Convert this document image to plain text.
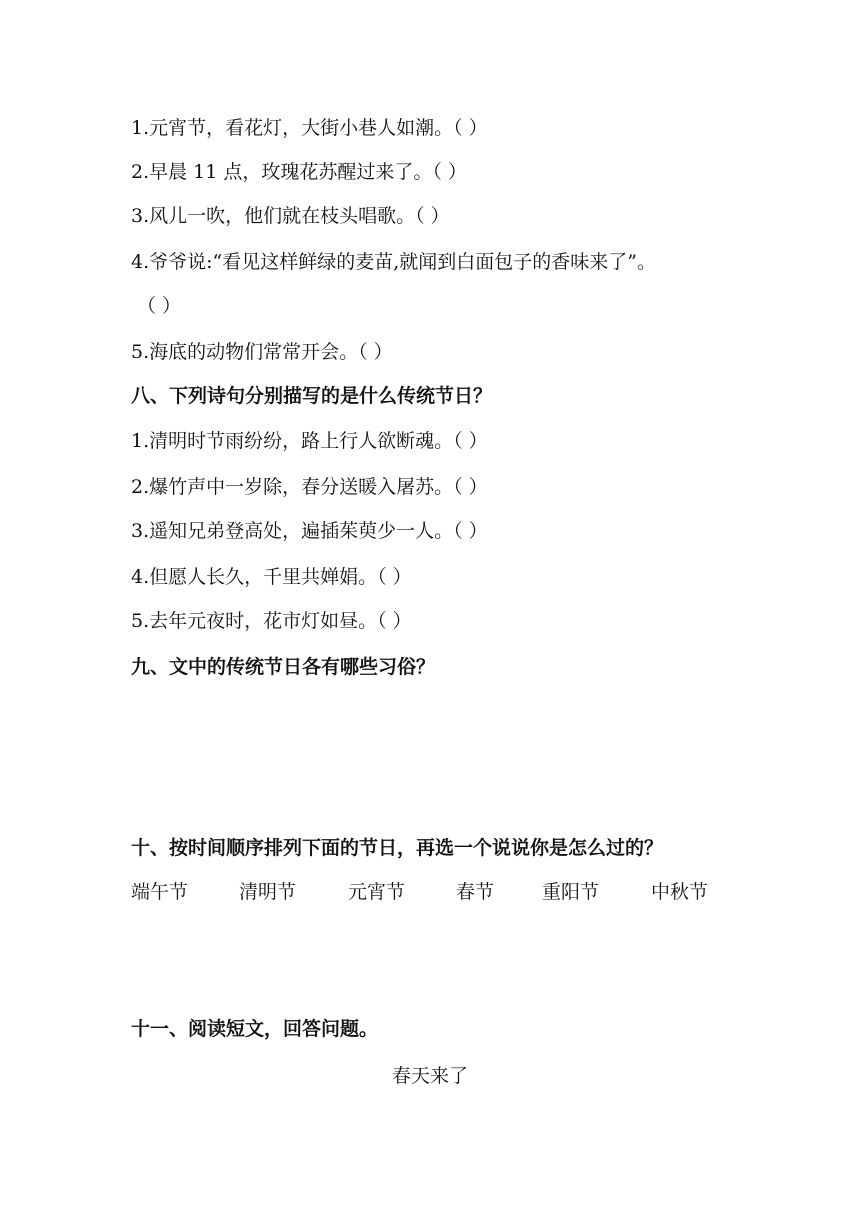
1.元宵节，看花灯，大街小巷人如潮。（ ）
2.早晨 11 点，玫瑰花苏醒过来了。（ ）
3.风儿一吹，他们就在枝头唱歌。（ ）
4.爷爷说:“看见这样鲜绿的麦苗,就闻到白面包子的香味来了”。
（ ）
5.海底的动物们常常开会。（ ）
八、下列诗句分别描写的是什么传统节日？
1.清明时节雨纷纷，路上行人欲断魂。（ ）
2.爆竹声中一岁除，春分送暖入屠苏。（ ）
3.遥知兄弟登高处，遍插茱萸少一人。（ ）
4.但愿人长久，千里共婵娟。（ ）
5.去年元夜时，花市灯如昼。（ ）
九、文中的传统节日各有哪些习俗？
十、按时间顺序排列下面的节日，再选一个说说你是怎么过的？
端午节	清明节	元宵节	春节	重阳节	中秋节
十一、阅读短文，回答问题。
春天来了
